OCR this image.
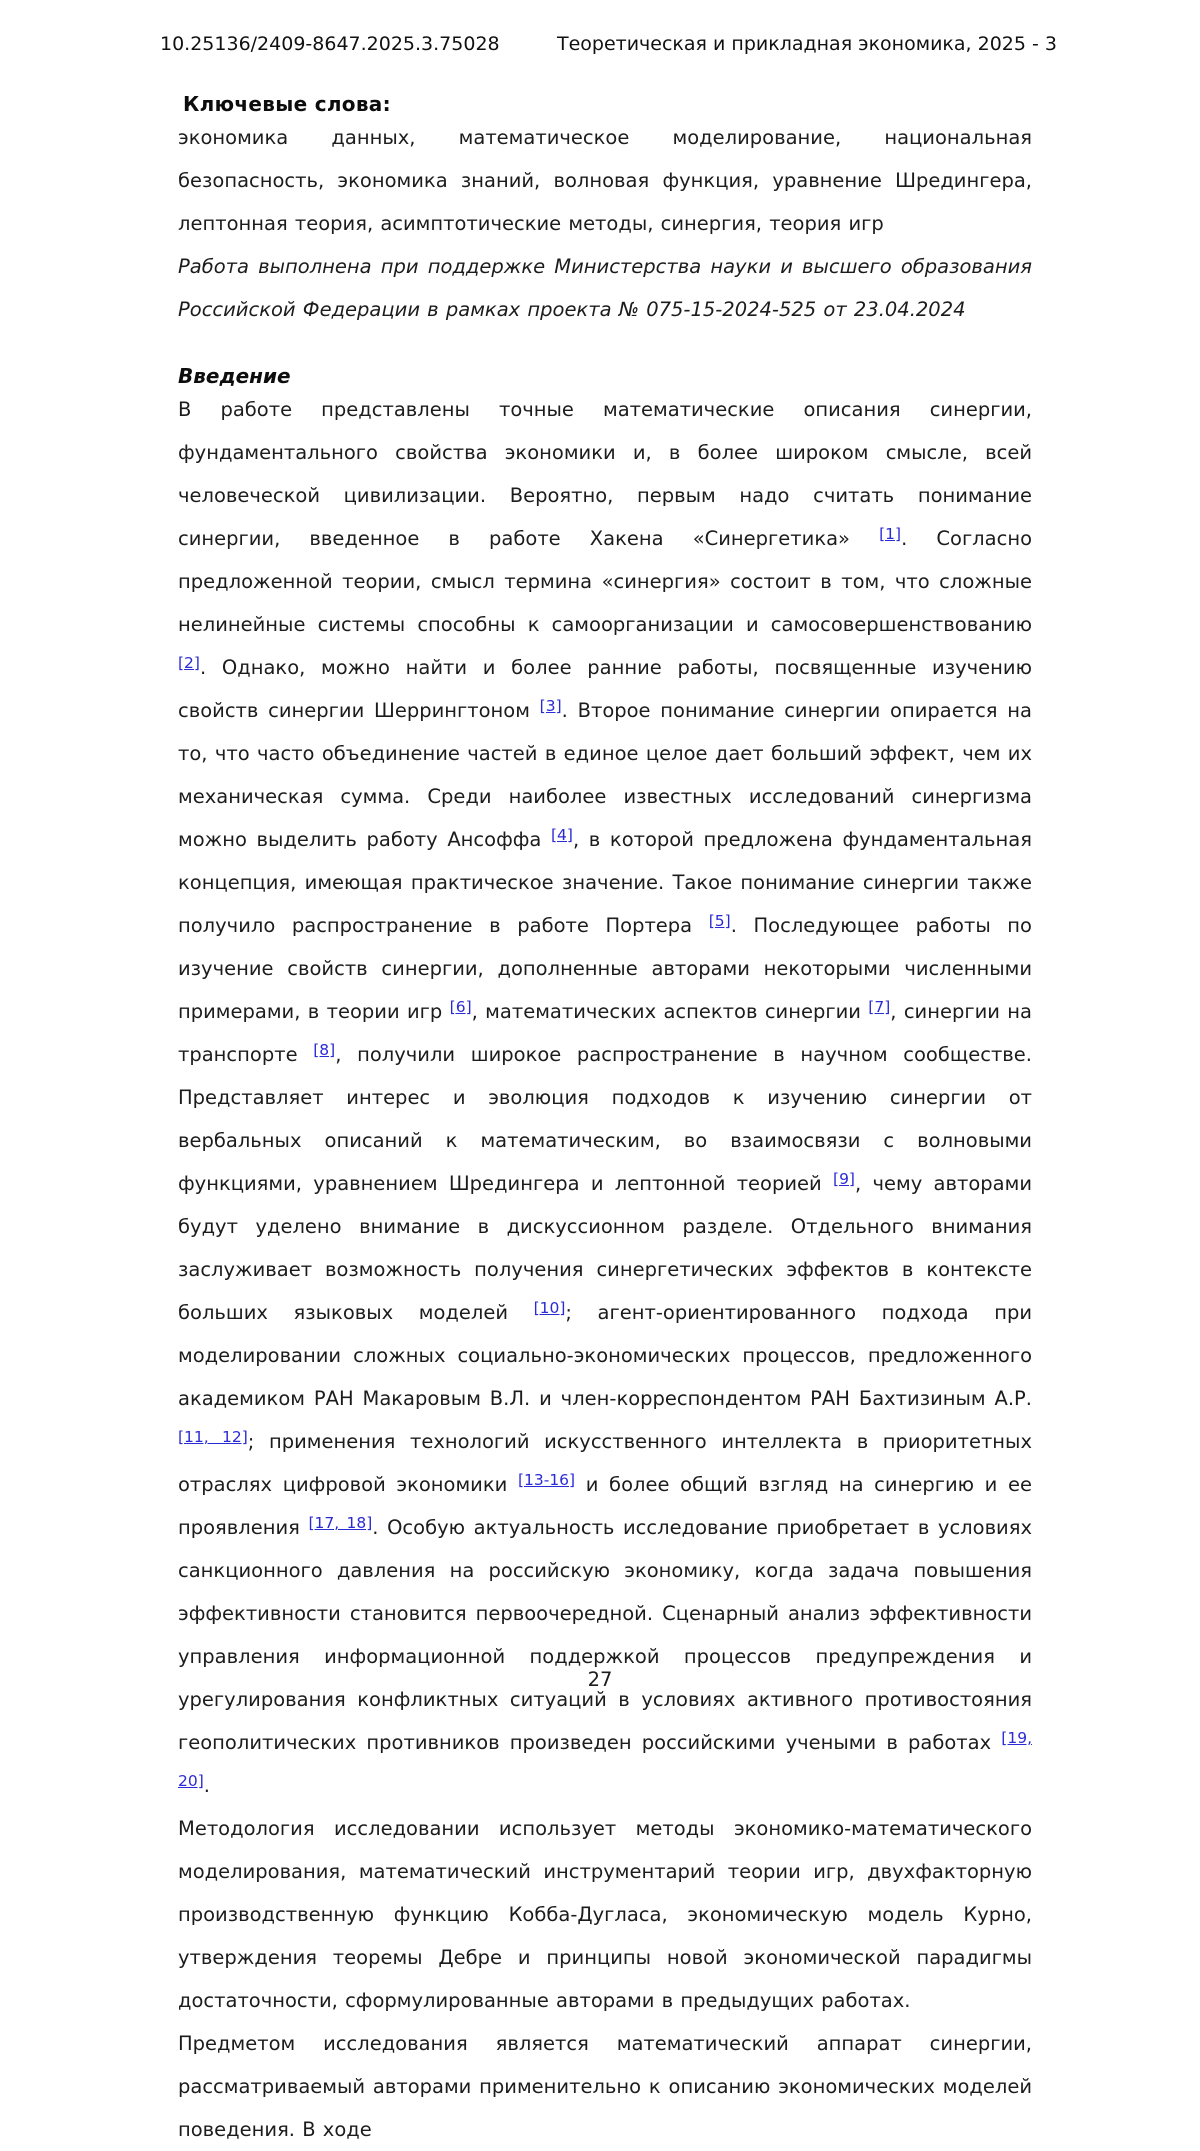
10.25136/2409-8647.2025.3.75028	Теоретическая и прикладная экономика, 2025 - 3
Ключевые слова:

экономика данных, математическое моделирование, национальная безопасность, экономика знаний, волновая функция, уравнение Шредингера, лептонная теория, асимптотические методы, синергия, теория игр

Работа выполнена при поддержке Министерства науки и высшего образования Российской Федерации в рамках проекта № 075-15-2024-525 от 23.04.2024

Введение

В работе представлены точные математические описания синергии, фундаментального свойства экономики и, в более широком смысле, всей человеческой цивилизации. Вероятно, первым надо считать понимание синергии, введенное в работе Хакена «Синергетика» [1]. Согласно предложенной теории, смысл термина «синергия» состоит в том, что сложные нелинейные системы способны к самоорганизации и самосовершенствованию [2]. Однако, можно найти и более ранние работы, посвященные изучению свойств синергии Шеррингтоном [3]. Второе понимание синергии опирается на то, что часто объединение частей в единое целое дает больший эффект, чем их механическая сумма. Среди наиболее известных исследований синергизма можно выделить работу Ансоффа [4], в которой предложена фундаментальная концепция, имеющая практическое значение. Такое понимание синергии также получило распространение в работе Портера [5]. Последующее работы по изучение свойств синергии, дополненные авторами некоторыми численными примерами, в теории игр [6], математических аспектов синергии [7], синергии на транспорте [8], получили широкое распространение в научном сообществе. Представляет интерес и эволюция подходов к изучению синергии от вербальных описаний к математическим, во взаимосвязи с волновыми функциями, уравнением Шредингера и лептонной теорией [9], чему авторами будут уделено внимание в дискуссионном разделе. Отдельного внимания заслуживает возможность получения синергетических эффектов в контексте больших языковых моделей [10]; агент-ориентированного подхода при моделировании сложных социально-экономических процессов, предложенного академиком РАН Макаровым В.Л. и член-корреспондентом РАН Бахтизиным А.Р.[11, 12]; применения технологий искусственного интеллекта в приоритетных отраслях цифровой экономики [13-16] и более общий взгляд на синергию и ее проявления [17, 18]. Особую актуальность исследование приобретает в условиях санкционного давления на российскую экономику, когда задача повышения эффективности становится первоочередной. Сценарный анализ эффективности управления информационной поддержкой процессов предупреждения и урегулирования конфликтных ситуаций в условиях активного противостояния геополитических противников произведен российскими учеными в работах [19, 20].

Методология исследовании использует методы экономико-математического моделирования, математический инструментарий теории игр, двухфакторную производственную функцию Кобба-Дугласа, экономическую модель Курно, утверждения теоремы Дебре и принципы новой экономической парадигмы достаточности, сформулированные авторами в предыдущих работах.

Предметом исследования является математический аппарат синергии, рассматриваемый авторами применительно к описанию экономических моделей поведения. В ходе

27
